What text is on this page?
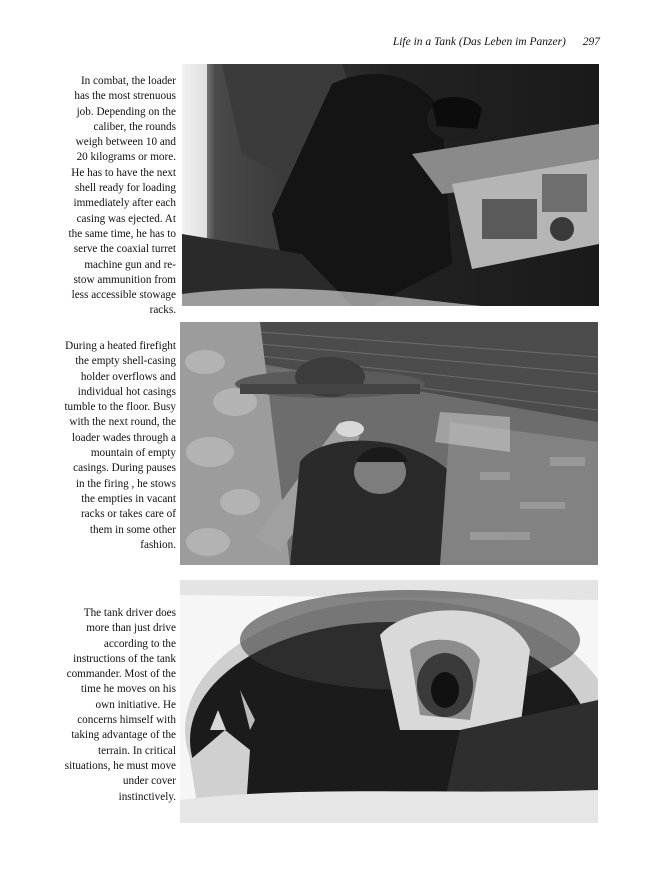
Life in a Tank (Das Leben im Panzer) 297

In combat, the loader has the most strenuous job. Depending on the caliber, the rounds weigh between 10 and 20 kilograms or more. He has to have the next shell ready for loading immediately after each casing was ejected. At the same time, he has to serve the coaxial turret machine gun and re-stow ammunition from less accessible stowage racks.

During a heated firefight the empty shell-casing holder overflows and individual hot casings tumble to the floor. Busy with the next round, the loader wades through a mountain of empty casings. During pauses in the firing , he stows the empties in vacant racks or takes care of them in some other fashion.

The tank driver does more than just drive according to the instructions of the tank commander. Most of the time he moves on his own initiative. He concerns himself with taking advantage of the terrain. In critical situations, he must move under cover instinctively.
